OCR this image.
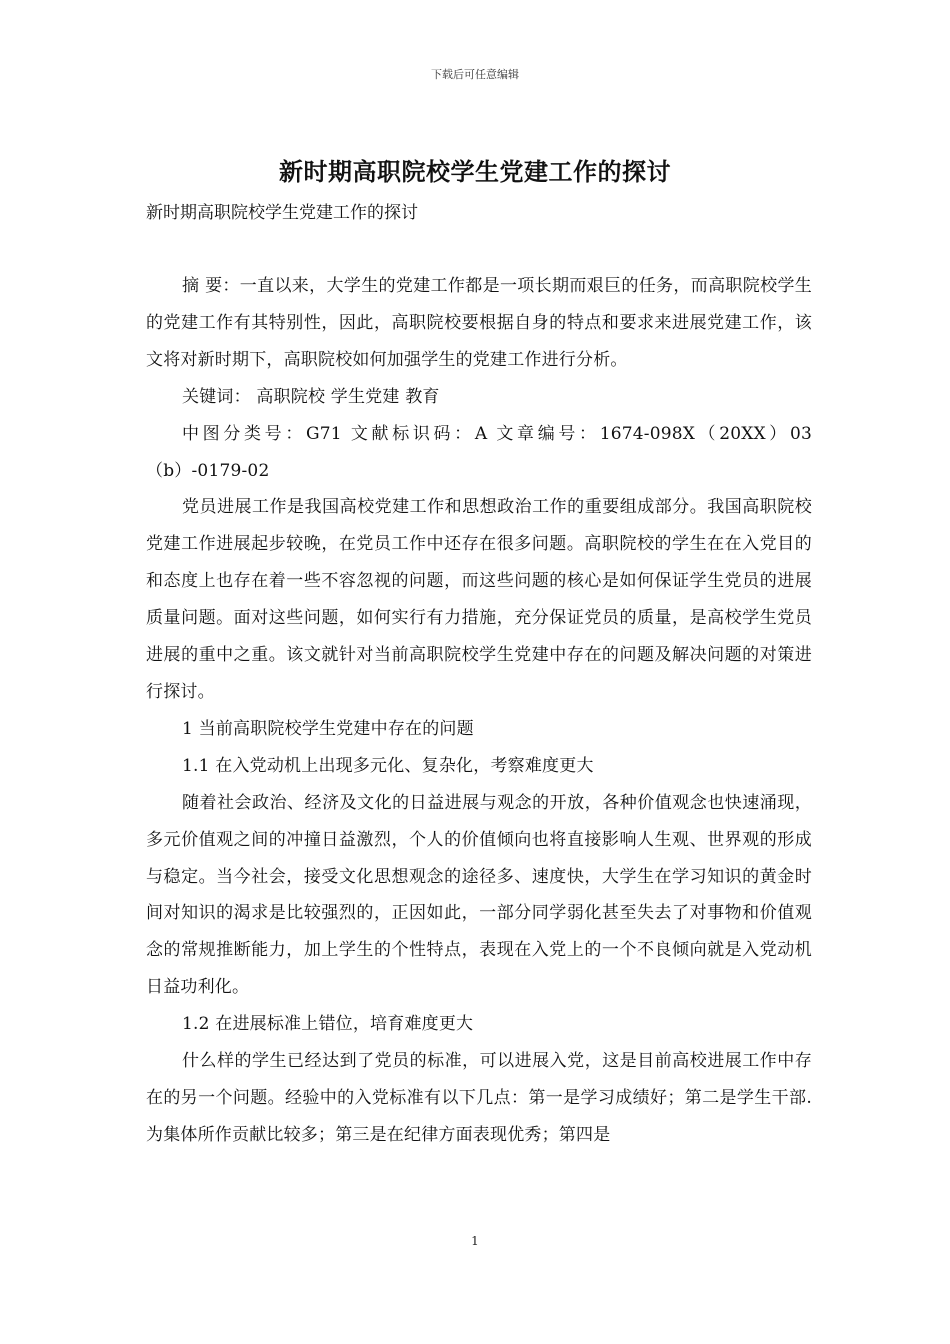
下载后可任意编辑
新时期高职院校学生党建工作的探讨
新时期高职院校学生党建工作的探讨

摘 要：一直以来，大学生的党建工作都是一项长期而艰巨的任务，而高职院校学生的党建工作有其特别性，因此，高职院校要根据自身的特点和要求来进展党建工作，该文将对新时期下，高职院校如何加强学生的党建工作进行分析。

关键词： 高职院校 学生党建 教育

中图分类号：G71 文献标识码：A 文章编号：1674-098X（20XX）03（b）-0179-02

党员进展工作是我国高校党建工作和思想政治工作的重要组成部分。我国高职院校党建工作进展起步较晚，在党员工作中还存在很多问题。高职院校的学生在在入党目的和态度上也存在着一些不容忽视的问题，而这些问题的核心是如何保证学生党员的进展质量问题。面对这些问题，如何实行有力措施，充分保证党员的质量，是高校学生党员进展的重中之重。该文就针对当前高职院校学生党建中存在的问题及解决问题的对策进行探讨。

1 当前高职院校学生党建中存在的问题

1.1 在入党动机上出现多元化、复杂化，考察难度更大

随着社会政治、经济及文化的日益进展与观念的开放，各种价值观念也快速涌现，多元价值观之间的冲撞日益激烈，个人的价值倾向也将直接影响人生观、世界观的形成与稳定。当今社会，接受文化思想观念的途径多、速度快，大学生在学习知识的黄金时间对知识的渴求是比较强烈的，正因如此，一部分同学弱化甚至失去了对事物和价值观念的常规推断能力，加上学生的个性特点，表现在入党上的一个不良倾向就是入党动机日益功利化。

1.2 在进展标准上错位，培育难度更大

什么样的学生已经达到了党员的标准，可以进展入党，这是目前高校进展工作中存在的另一个问题。经验中的入党标准有以下几点：第一是学习成绩好；第二是学生干部.为集体所作贡献比较多；第三是在纪律方面表现优秀；第四是

1
